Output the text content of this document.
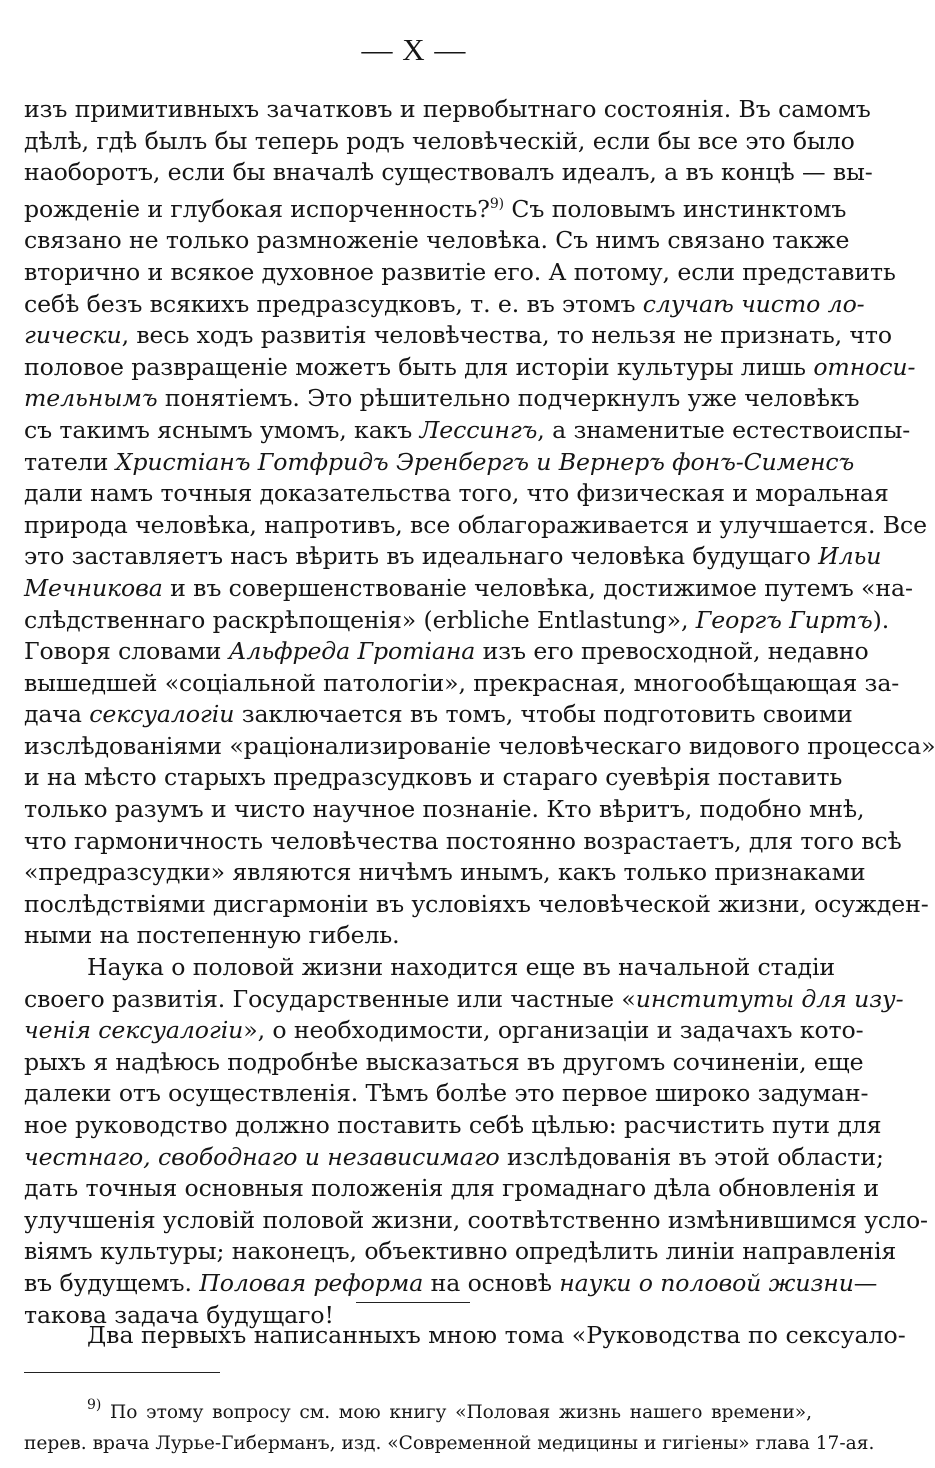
— X —
изъ примитивныхъ зачатковъ и первобытнаго состоянія. Въ самомъ
дѣлѣ, гдѣ былъ бы теперь родъ человѣческій, если бы все это было
наоборотъ, если бы вначалѣ существовалъ идеалъ, а въ концѣ — вы-
рожденіе и глубокая испорченность?$^{9)}$ Съ половымъ инстинктомъ
связано не только размноженіе человѣка. Съ нимъ связано также
вторично и всякое духовное развитіе его. А потому, если представить
себѣ безъ всякихъ предразсудковъ, т. е. въ этомъ случаѣ чисто ло-
гически, весь ходъ развитія человѣчества, то нельзя не признать, что
половое развращеніе можетъ быть для исторіи культуры лишь относи-
тельнымъ понятіемъ. Это рѣшительно подчеркнулъ уже человѣкъ
съ такимъ яснымъ умомъ, какъ Лессингъ, а знаменитые естествоиспы-
татели Христіанъ Готфридъ Эренбергъ и Вернеръ фонъ-Сименсъ
дали намъ точныя доказательства того, что физическая и моральная
природа человѣка, напротивъ, все облагораживается и улучшается. Все
это заставляетъ насъ вѣрить въ идеальнаго человѣка будущаго Ильи
Мечникова и въ совершенствованіе человѣка, достижимое путемъ «на-
слѣдственнаго раскрѣпощенія» (erbliche Entlastung», Георгъ Гиртъ).
Говоря словами Альфреда Гротіана изъ его превосходной, недавно
вышедшей «соціальной патологіи», прекрасная, многообѣщающая за-
дача сексуалогіи заключается въ томъ, чтобы подготовить своими
изслѣдованіями «раціонализированіе человѣческаго видового процесса»
и на мѣсто старыхъ предразсудковъ и стараго суевѣрія поставить
только разумъ и чисто научное познаніе. Кто вѣритъ, подобно мнѣ,
что гармоничность человѣчества постоянно возрастаетъ, для того всѣ
«предразсудки» являются ничѣмъ инымъ, какъ только признаками
послѣдствіями дисгармоніи въ условіяхъ человѣческой жизни, осужден-
ными на постепенную гибель.
Наука о половой жизни находится еще въ начальной стадіи
своего развитія. Государственные или частные «институты для изу-
ченія сексуалогіи», о необходимости, организаціи и задачахъ кото-
рыхъ я надѣюсь подробнѣе высказаться въ другомъ сочиненіи, еще
далеки отъ осуществленія. Тѣмъ болѣе это первое широко задуман-
ное руководство должно поставить себѣ цѣлью: расчистить пути для
честнаго, свободнаго и независимаго изслѣдованія въ этой области;
дать точныя основныя положенія для громаднаго дѣла обновленія и
улучшенія условій половой жизни, соотвѣтственно измѣнившимся усло-
віямъ культуры; наконецъ, объективно опредѣлить линіи направленія
въ будущемъ. Половая реформа на основѣ науки о половой жизни—
такова задача будущаго!
Два первыхъ написанныхъ мною тома «Руководства по сексуало-
$^{9)}$ По этому вопросу см. мою книгу «Половая жизнь нашего времени»,
перев. врача Лурье-Гиберманъ, изд. «Современной медицины и гигіены» глава 17-ая.
